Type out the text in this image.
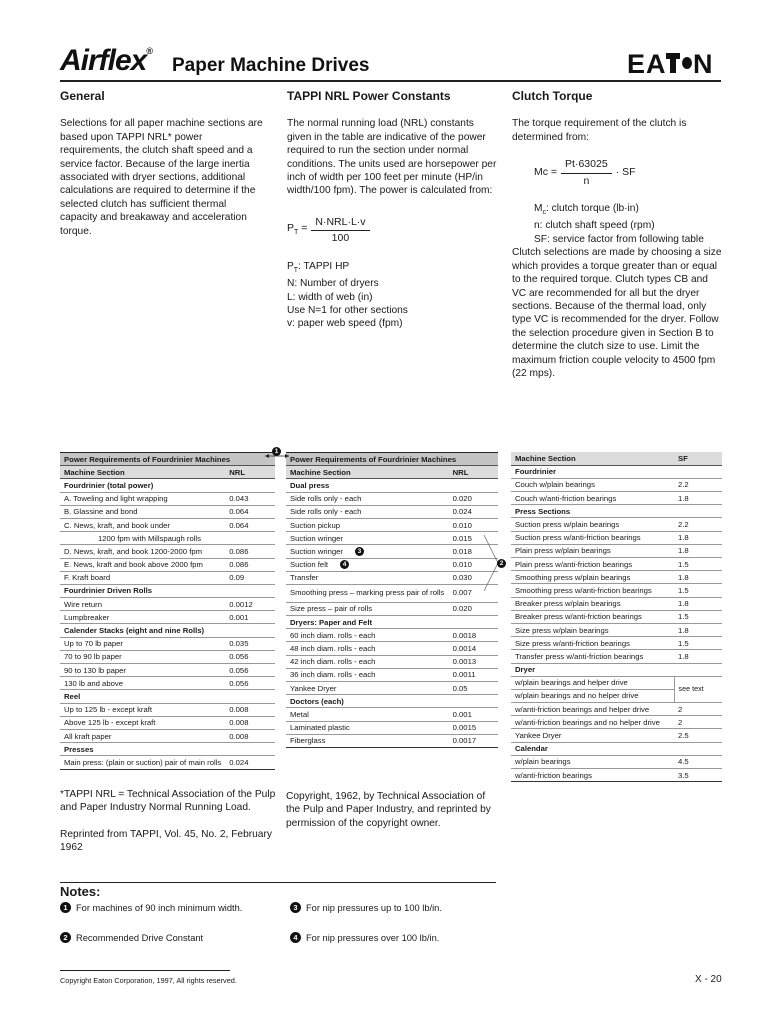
Airflex®
Paper Machine Drives	E A N
General

Selections for all paper machine sections are based upon TAPPI NRL* power requirements, the clutch shaft speed and a service factor. Because of the large inertia associated with dryer sections, additional calculations are required to determine if the selected clutch has sufficient thermal capacity and breakaway and acceleration torque.

TAPPI NRL Power Constants

The normal running load (NRL) constants given in the table are indicative of the power required to run the section under normal conditions. The units used are horsepower per inch of width per 100 feet per minute (HP/in width/100 fpm). The power is calculated from:

$P_T = \frac{\text{N·NRL·L·v}}{100}$

$P_T$: TAPPI HP

N: Number of dryers

L: width of web (in)

Use N=1 for other sections

v: paper web speed (fpm)

Clutch Torque

The torque requirement of the clutch is determined from:

$Mc = \frac{Pt\cdot 63025}{n}$ · SF

$M_c$: clutch torque (lb·in)

n: clutch shaft speed (rpm)

SF: service factor from following table

Clutch selections are made by choosing a size which provides a torque greater than or equal to the required torque. Clutch types CB and VC are recommended for all but the dryer sections. Because of the thermal load, only type VC is recommended for the dryer. Follow the selection procedure given in Section B to determine the clutch size to use. Limit the maximum friction couple velocity to 4500 fpm (22 mps).

Power Requirements of Fourdrinier Machines	
Machine Section	NRL
Fourdrinier (total power)	
A. Toweling and light wrapping	0.043
B. Glassine and bond	0.064
C. News, kraft, and book under	0.064
1200 fpm with Millspaugh rolls	
D. News, kraft, and book 1200-2000 fpm	0.086
E. News, kraft and book above 2000 fpm	0.086
F. Kraft board	0.09
Fourdrinier Driven Rolls	
Wire return	0.0012
Lumpbreaker	0.001
Calender Stacks (eight and nine Rolls)	
Up to 70 lb paper	0.035
70 to 90 lb paper	0.056
90 to 130 lb paper	0.056
130 lb and above	0.056
Reel	
Up to 125 lb - except kraft	0.008
Above 125 lb - except kraft	0.008
All kraft paper	0.008
Presses	
Main press: (plain or suction) pair of main rolls	0.024
Power Requirements of Fourdrinier Machines	
Machine Section	NRL
Dual press	
Side rolls only - each	0.020
Side rolls only - each	0.024
Suction pickup	0.010
Suction wringer	0.015
Suction wringer 3	0.018
Suction felt 4	0.010
Transfer	0.030
Smoothing press – marking press pair of rolls	0.007
Size press – pair of rolls	0.020
Dryers: Paper and Felt	
60 inch diam. rolls - each	0.0018
48 inch diam. rolls - each	0.0014
42 inch diam. rolls - each	0.0013
36 inch diam. rolls - each	0.0011
Yankee Dryer	0.05
Doctors (each)	
Metal	0.001
Laminated plastic	0.0015
Fiberglass	0.0017
Machine Section	SF
Fourdrinier	
Couch w/plain bearings	2.2
Couch w/anti-friction bearings	1.8
Press Sections	
Suction press w/plain bearings	2.2
Suction press w/anti-friction bearings	1.8
Plain press w/plain bearings	1.8
Plain press w/anti-friction bearings	1.5
Smoothing press w/plain bearings	1.8
Smoothing press w/anti-friction bearings	1.5
Breaker press w/plain bearings	1.8
Breaker press w/anti-friction bearings	1.5
Size press w/plain bearings	1.8
Size press w/anti-friction bearings	1.5
Transfer press w/anti-friction bearings	1.8
Dryer	
w/plain bearings and helper drive	see text
w/plain bearings and no helper drive	
w/anti-friction bearings and helper drive	2
w/anti-friction bearings and no helper drive	2
Yankee Dryer	2.5
Calendar	
w/plain bearings	4.5
w/anti-friction bearings	3.5
1
2

*TAPPI NRL = Technical Association of the Pulp and Paper Industry Normal Running Load.

Reprinted from TAPPI, Vol. 45, No. 2, February 1962

Copyright, 1962, by Technical Association of the Pulp and Paper Industry, and reprinted by permission of the copyright owner.

Notes:
1 For machines of 90 inch minimum width.
2 Recommended Drive Constant
3 For nip pressures up to 100 lb/in.
4 For nip pressures over 100 lb/in.
Copyright Eaton Corporation, 1997, All rights reserved.	X - 20
